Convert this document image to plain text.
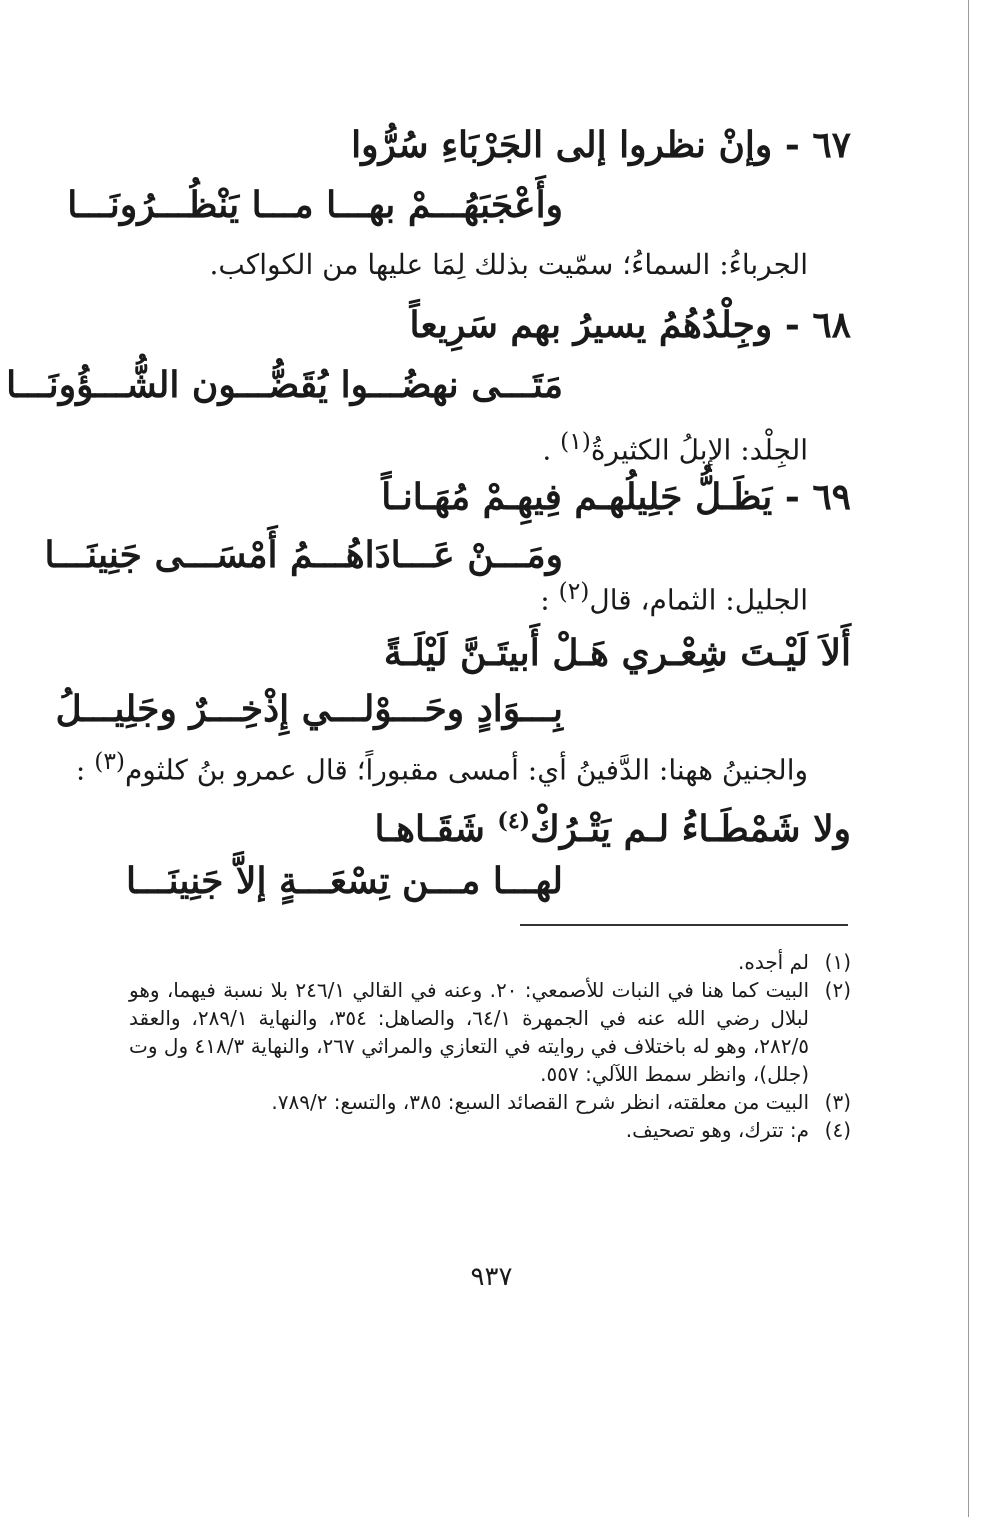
٦٧ - وإنْ نظروا إلى الجَرْبَاءِ سُرُّوا
وأَعْجَبَهُـــمْ بهـــا مـــا يَنْظُـــرُونَـــا
الجرباءُ: السماءُ؛ سمّيت بذلك لِمَا عليها من الكواكب.
٦٨ - وجِلْدُهُمُ يسيرُ بهم سَرِيعاً
مَتَـــى نهضُـــوا يُقَضُّـــون الشُّـــؤُونَـــا
الجِلْد: الإبلُ الكثيرةُ$^{(١)}$ .
٦٩ - يَظَـلُّ جَلِيلُهـم فِيهِـمْ مُهَـانـاً
ومَـــنْ عَـــادَاهُـــمُ أَمْسَـــى جَنِينَـــا
الجليل: الثمام، قال$^{(٢)}$ :
أَلاَ لَيْـتَ شِعْـري هَـلْ أَبيتَـنَّ لَيْلَـةً
بِـــوَادٍ وحَـــوْلـــي إِذْخِـــرٌ وجَلِيـــلُ
والجنينُ ههنا: الدَّفينُ أي: أمسى مقبوراً؛ قال عمرو بنُ كلثوم$^{(٣)}$ :
ولا شَمْطَـاءُ لـم يَتْـرُكْ$^{(٤)}$ شَقَـاهـا
لهـــا مـــن تِسْعَـــةٍ إلاَّ جَنِينَـــا
(١)
لم أجده.
(٢)
البيت كما هنا في النبات للأصمعي: ٢٠. وعنه في القالي ٢٤٦/١ بلا نسبة فيهما، وهو لبلال رضي الله عنه في الجمهرة ٦٤/١، والصاهل: ٣٥٤، والنهاية ٢٨٩/١، والعقد ٢٨٢/٥، وهو له باختلاف في روايته في التعازي والمراثي ٢٦٧، والنهاية ٤١٨/٣ ول وت (جلل)، وانظر سمط اللآلي: ٥٥٧.
(٣)
البيت من معلقته، انظر شرح القصائد السبع: ٣٨٥، والتسع: ٧٨٩/٢.
(٤)
م: تترك، وهو تصحيف.
٩٣٧
